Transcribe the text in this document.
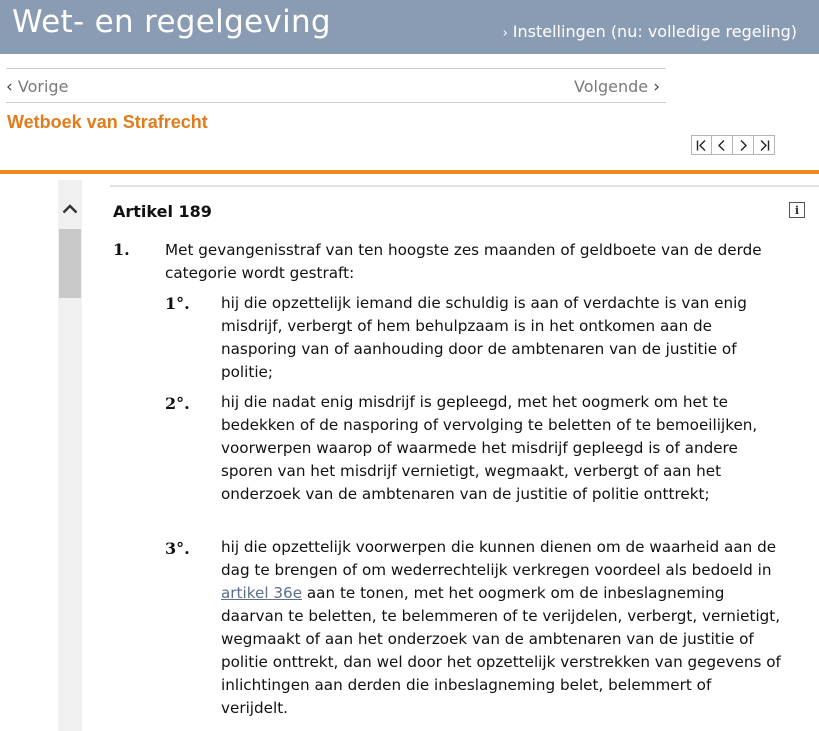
Wet- en regelgeving	› Instellingen (nu: volledige regeling)
‹ Vorige	Volgende ›
Wetboek van Strafrecht
Artikel 189	i
1. Met gevangenisstraf van ten hoogste zes maanden of geldboete van de derde categorie wordt gestraft:
1°. hij die opzettelijk iemand die schuldig is aan of verdachte is van enig misdrijf, verbergt of hem behulpzaam is in het ontkomen aan de nasporing van of aanhouding door de ambtenaren van de justitie of politie;
2°. hij die nadat enig misdrijf is gepleegd, met het oogmerk om het te bedekken of de nasporing of vervolging te beletten of te bemoeilijken, voorwerpen waarop of waarmede het misdrijf gepleegd is of andere sporen van het misdrijf vernietigt, wegmaakt, verbergt of aan het onderzoek van de ambtenaren van de justitie of politie onttrekt;
3°. hij die opzettelijk voorwerpen die kunnen dienen om de waarheid aan de dag te brengen of om wederrechtelijk verkregen voordeel als bedoeld in artikel 36e aan te tonen, met het oogmerk om de inbeslagneming daarvan te beletten, te belemmeren of te verijdelen, verbergt, vernietigt, wegmaakt of aan het onderzoek van de ambtenaren van de justitie of politie onttrekt, dan wel door het opzettelijk verstrekken van gegevens of inlichtingen aan derden die inbeslagneming belet, belemmert of verijdelt.
